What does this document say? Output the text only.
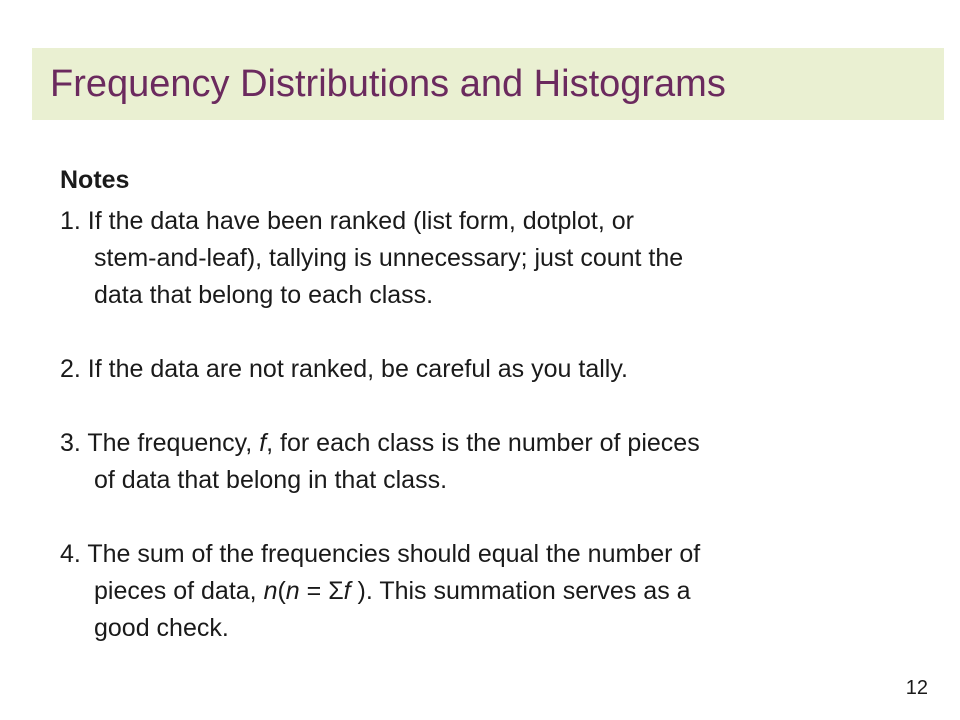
Frequency Distributions and Histograms
Notes
1. If the data have been ranked (list form, dotplot, or
stem-and-leaf), tallying is unnecessary; just count the
data that belong to each class.
2. If the data are not ranked, be careful as you tally.
3. The frequency, f, for each class is the number of pieces
of data that belong in that class.
4. The sum of the frequencies should equal the number of
pieces of data, n(n = Σf ). This summation serves as a
good check.
12
